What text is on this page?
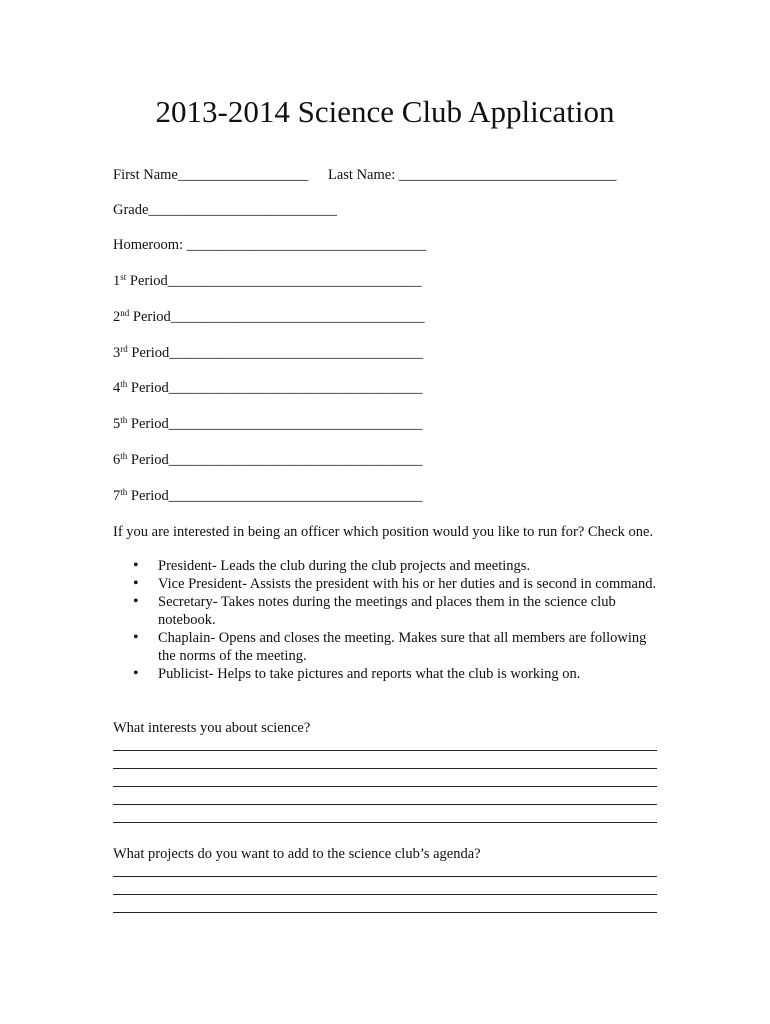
2013-2014 Science Club Application
First Name__________________ Last Name: ______________________________
Grade__________________________
Homeroom: _________________________________
1st Period___________________________________
2nd Period___________________________________
3rd Period___________________________________
4th Period___________________________________
5th Period___________________________________
6th Period___________________________________
7th Period___________________________________
If you are interested in being an officer which position would you like to run for? Check one.
• President- Leads the club during the club projects and meetings.
• Vice President- Assists the president with his or her duties and is second in command.
• Secretary- Takes notes during the meetings and places them in the science club notebook.
• Chaplain- Opens and closes the meeting. Makes sure that all members are following the norms of the meeting.
• Publicist- Helps to take pictures and reports what the club is working on.
What interests you about science?
What projects do you want to add to the science club’s agenda?
